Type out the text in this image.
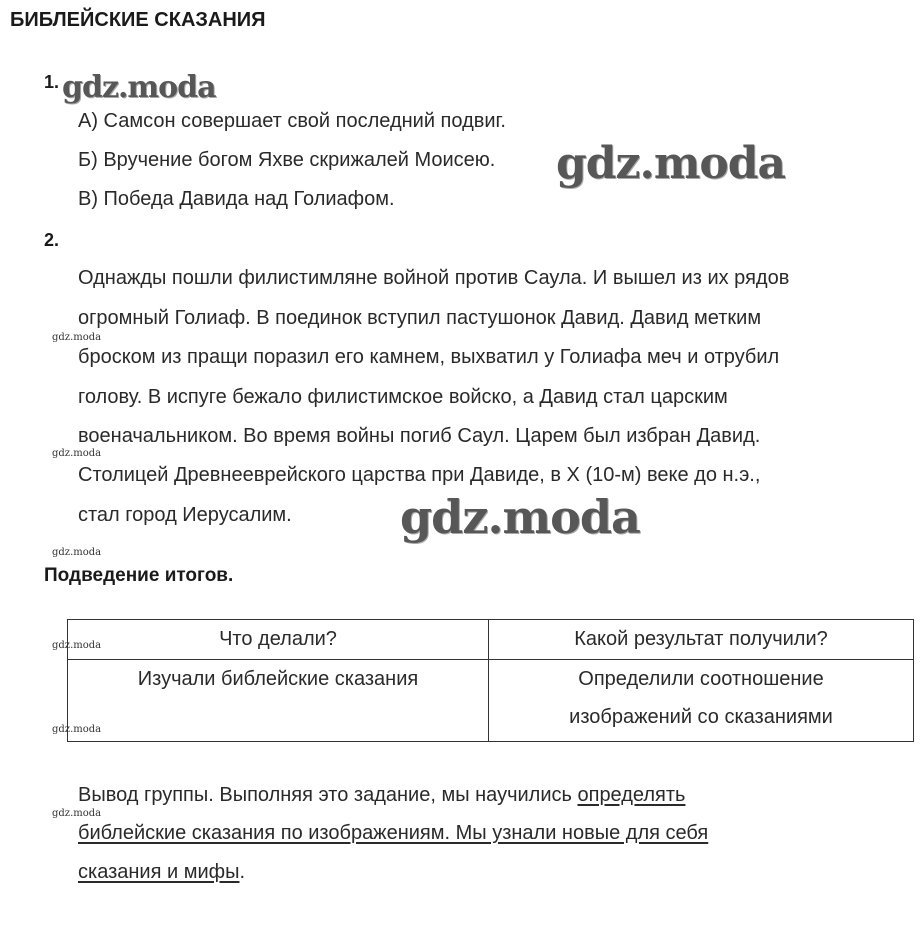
БИБЛЕЙСКИЕ СКАЗАНИЯ
1. gdz.moda
А) Самсон совершает свой последний подвиг.
Б) Вручение богом Яхве скрижалей Моисею. gdz.moda
В) Победа Давида над Голиафом.
2.
Однажды пошли филистимляне войной против Саула. И вышел из их рядов
огромный Голиаф. В поединок вступил пастушонок Давид. Давид метким
gdz.moda
броском из пращи поразил его камнем, выхватил у Голиафа меч и отрубил
голову. В испуге бежало филистимское войско, а Давид стал царским
военачальником. Во время войны погиб Саул. Царем был избран Давид.
gdz.moda
Столицей Древнееврейского царства при Давиде, в X (10-м) веке до н.э.,
стал город Иерусалим. gdz.moda
gdz.moda
Подведение итогов.
Что делали?	Какой результат получили?

Изучали библейские сказания	Определили соотношение
изображений со сказаниями
gdz.moda
gdz.moda
Вывод группы. Выполняя это задание, мы научились определять
gdz.moda
библейские сказания по изображениям. Мы узнали новые для себя
сказания и мифы.
